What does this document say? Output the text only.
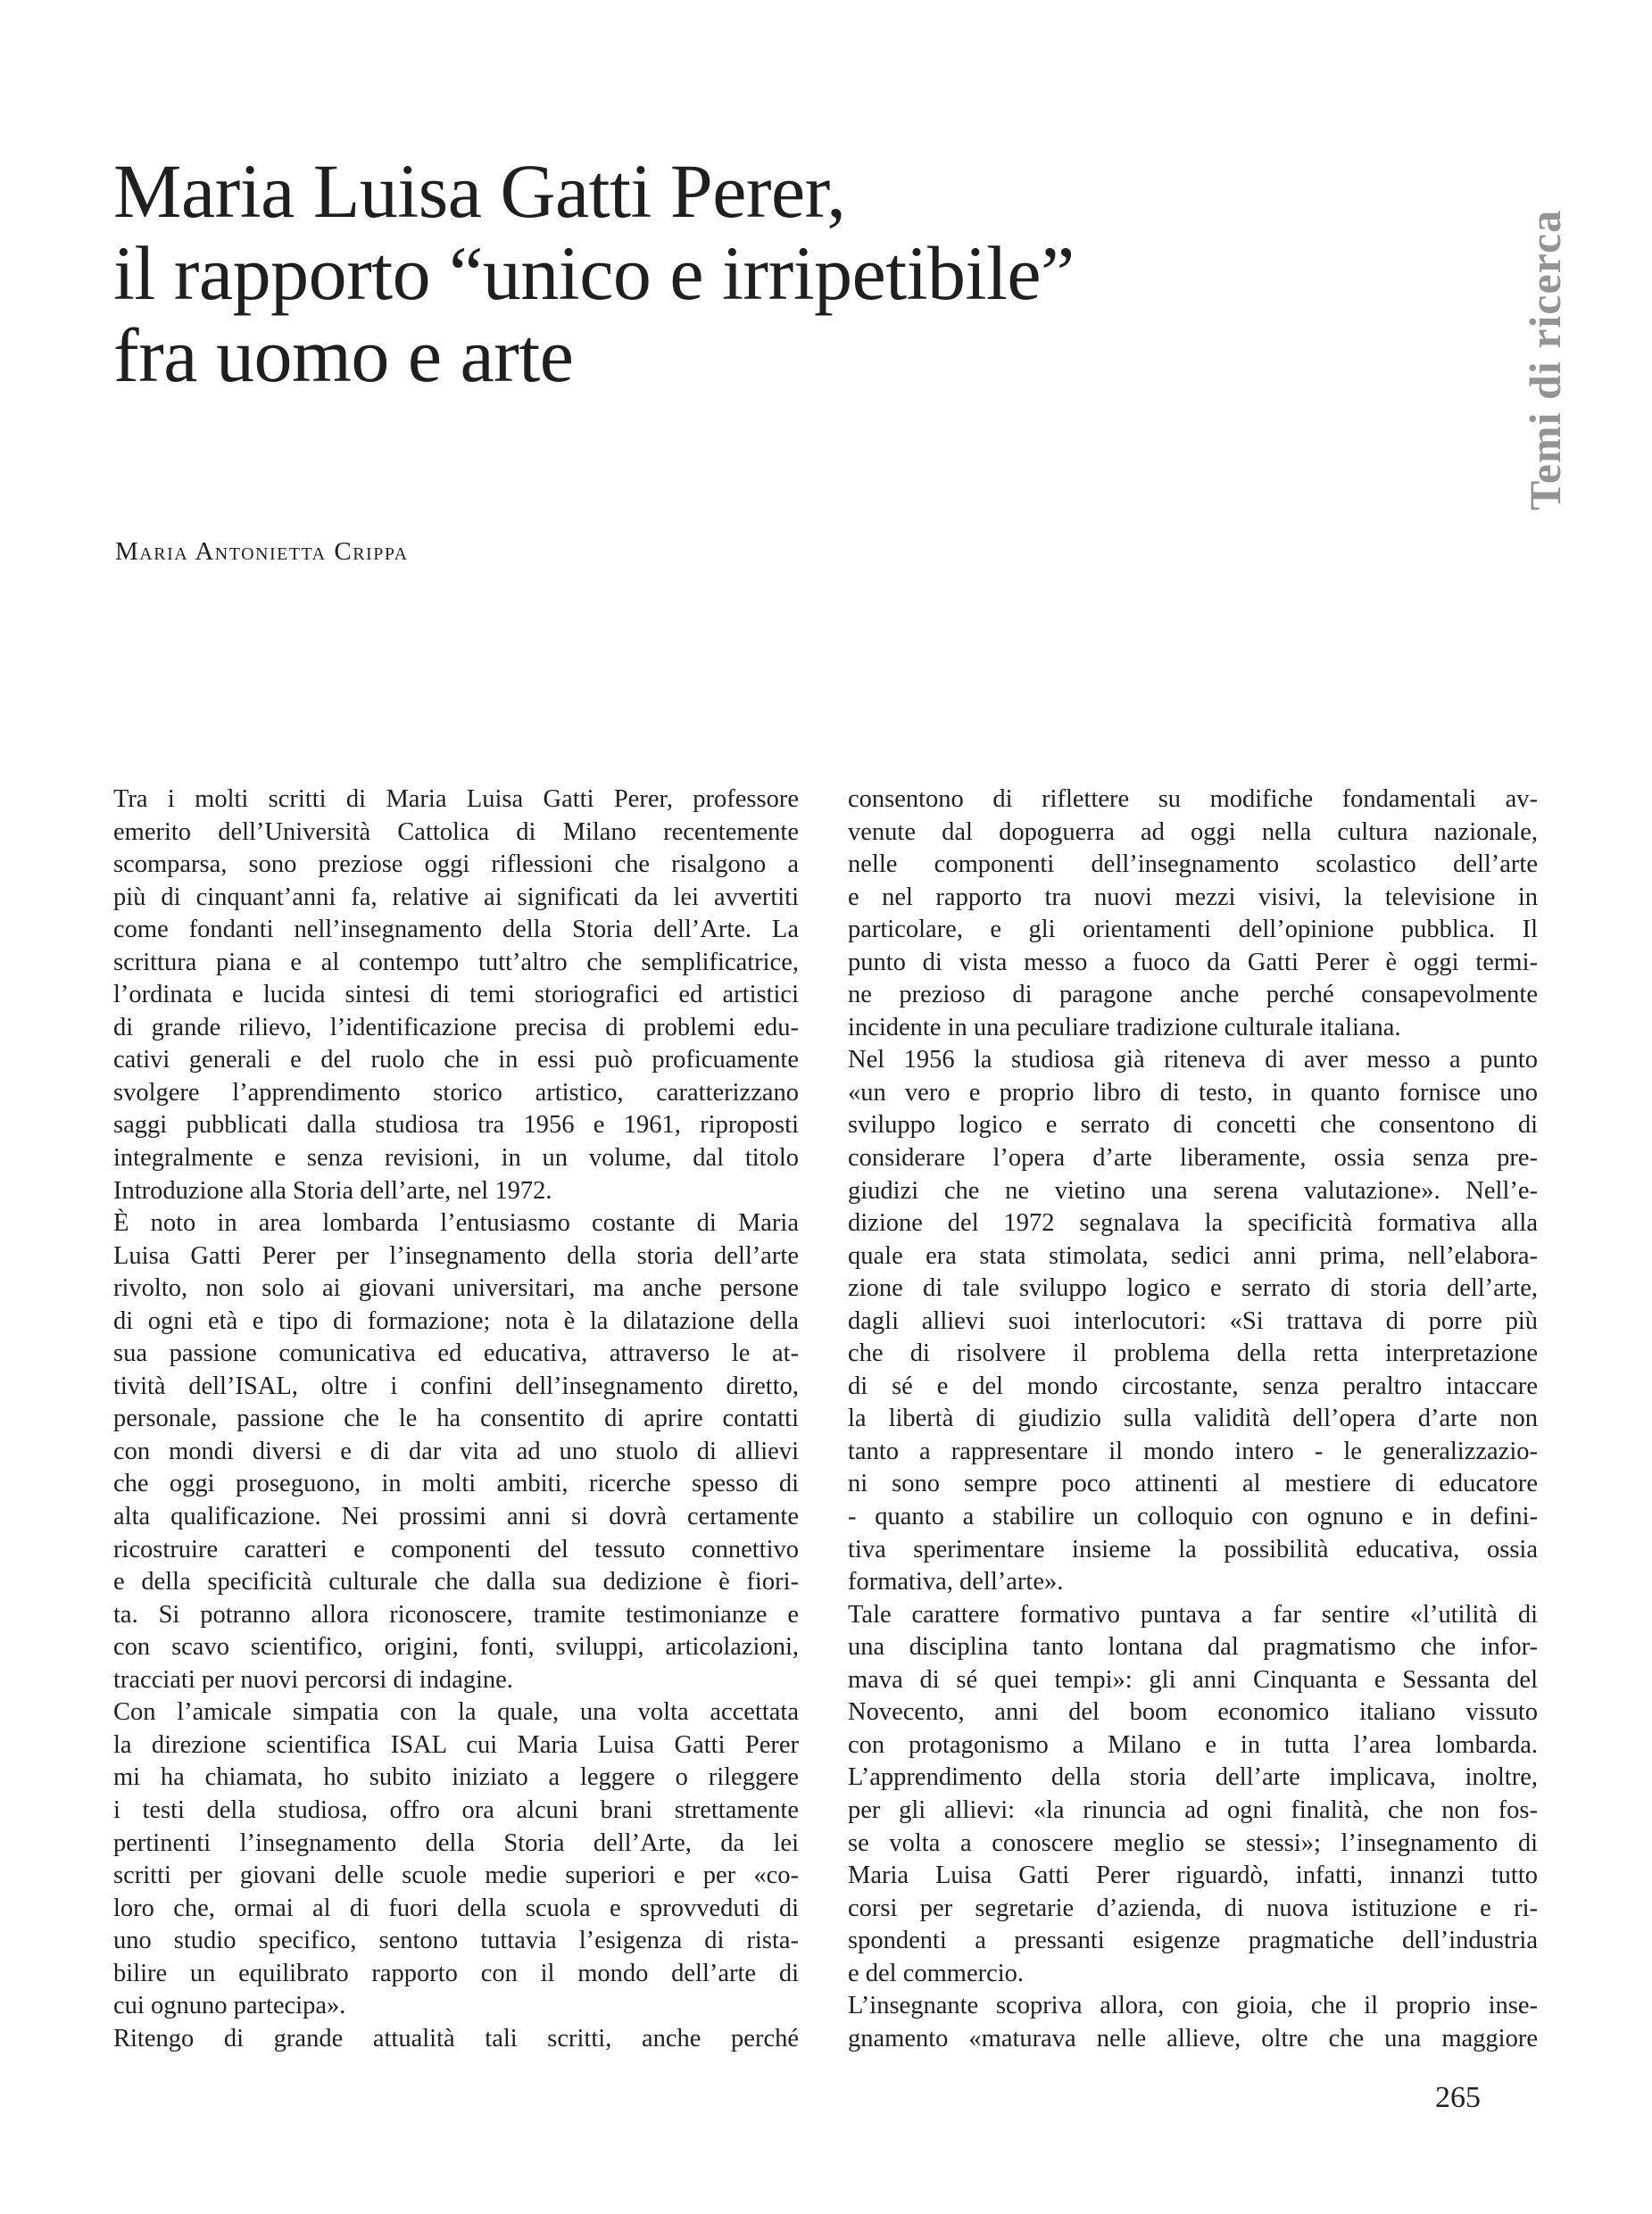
Maria Luisa Gatti Perer,
il rapporto “unico e irripetibile”
fra uomo e arte
Maria Antonietta Crippa
Temi di ricerca
Tra i molti scritti di Maria Luisa Gatti Perer, professore
emerito dell’Università Cattolica di Milano recentemente
scomparsa, sono preziose oggi riflessioni che risalgono a
più di cinquant’anni fa, relative ai significati da lei avvertiti
come fondanti nell’insegnamento della Storia dell’Arte. La
scrittura piana e al contempo tutt’altro che semplificatrice,
l’ordinata e lucida sintesi di temi storiografici ed artistici
di grande rilievo, l’identificazione precisa di problemi edu-
cativi generali e del ruolo che in essi può proficuamente
svolgere l’apprendimento storico artistico, caratterizzano
saggi pubblicati dalla studiosa tra 1956 e 1961, riproposti
integralmente e senza revisioni, in un volume, dal titolo
Introduzione alla Storia dell’arte, nel 1972.
È noto in area lombarda l’entusiasmo costante di Maria
Luisa Gatti Perer per l’insegnamento della storia dell’arte
rivolto, non solo ai giovani universitari, ma anche persone
di ogni età e tipo di formazione; nota è la dilatazione della
sua passione comunicativa ed educativa, attraverso le at-
tività dell’ISAL, oltre i confini dell’insegnamento diretto,
personale, passione che le ha consentito di aprire contatti
con mondi diversi e di dar vita ad uno stuolo di allievi
che oggi proseguono, in molti ambiti, ricerche spesso di
alta qualificazione. Nei prossimi anni si dovrà certamente
ricostruire caratteri e componenti del tessuto connettivo
e della specificità culturale che dalla sua dedizione è fiori-
ta. Si potranno allora riconoscere, tramite testimonianze e
con scavo scientifico, origini, fonti, sviluppi, articolazioni,
tracciati per nuovi percorsi di indagine.
Con l’amicale simpatia con la quale, una volta accettata
la direzione scientifica ISAL cui Maria Luisa Gatti Perer
mi ha chiamata, ho subito iniziato a leggere o rileggere
i testi della studiosa, offro ora alcuni brani strettamente
pertinenti l’insegnamento della Storia dell’Arte, da lei
scritti per giovani delle scuole medie superiori e per «co-
loro che, ormai al di fuori della scuola e sprovveduti di
uno studio specifico, sentono tuttavia l’esigenza di rista-
bilire un equilibrato rapporto con il mondo dell’arte di
cui ognuno partecipa».
Ritengo di grande attualità tali scritti, anche perché
consentono di riflettere su modifiche fondamentali av-
venute dal dopoguerra ad oggi nella cultura nazionale,
nelle componenti dell’insegnamento scolastico dell’arte
e nel rapporto tra nuovi mezzi visivi, la televisione in
particolare, e gli orientamenti dell’opinione pubblica. Il
punto di vista messo a fuoco da Gatti Perer è oggi termi-
ne prezioso di paragone anche perché consapevolmente
incidente in una peculiare tradizione culturale italiana.
Nel 1956 la studiosa già riteneva di aver messo a punto
«un vero e proprio libro di testo, in quanto fornisce uno
sviluppo logico e serrato di concetti che consentono di
considerare l’opera d’arte liberamente, ossia senza pre-
giudizi che ne vietino una serena valutazione». Nell’e-
dizione del 1972 segnalava la specificità formativa alla
quale era stata stimolata, sedici anni prima, nell’elabora-
zione di tale sviluppo logico e serrato di storia dell’arte,
dagli allievi suoi interlocutori: «Si trattava di porre più
che di risolvere il problema della retta interpretazione
di sé e del mondo circostante, senza peraltro intaccare
la libertà di giudizio sulla validità dell’opera d’arte non
tanto a rappresentare il mondo intero - le generalizzazio-
ni sono sempre poco attinenti al mestiere di educatore
- quanto a stabilire un colloquio con ognuno e in defini-
tiva sperimentare insieme la possibilità educativa, ossia
formativa, dell’arte».
Tale carattere formativo puntava a far sentire «l’utilità di
una disciplina tanto lontana dal pragmatismo che infor-
mava di sé quei tempi»: gli anni Cinquanta e Sessanta del
Novecento, anni del boom economico italiano vissuto
con protagonismo a Milano e in tutta l’area lombarda.
L’apprendimento della storia dell’arte implicava, inoltre,
per gli allievi: «la rinuncia ad ogni finalità, che non fos-
se volta a conoscere meglio se stessi»; l’insegnamento di
Maria Luisa Gatti Perer riguardò, infatti, innanzi tutto
corsi per segretarie d’azienda, di nuova istituzione e ri-
spondenti a pressanti esigenze pragmatiche dell’industria
e del commercio.
L’insegnante scopriva allora, con gioia, che il proprio inse-
gnamento «maturava nelle allieve, oltre che una maggiore
265
